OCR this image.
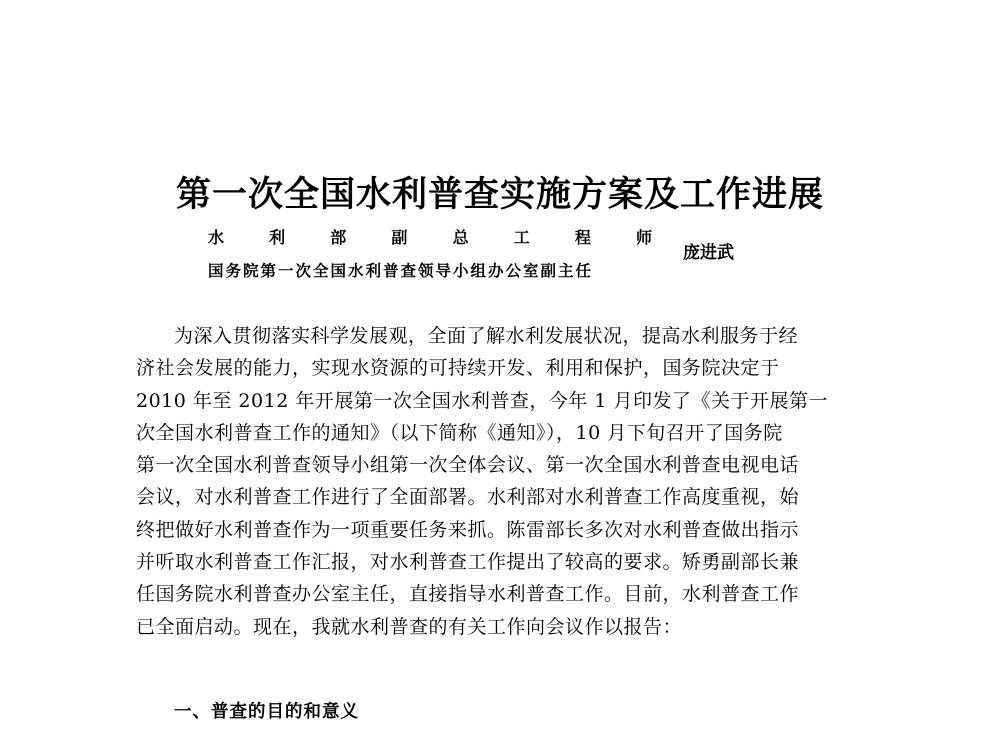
第一次全国水利普查实施方案及工作进展
水	利	部	副	总	工	程	师
国务院第一次全国水利普查领导小组办公室副主任
庞进武
为深入贯彻落实科学发展观，全面了解水利发展状况，提高水利服务于经
济社会发展的能力，实现水资源的可持续开发、利用和保护，国务院决定于
2010 年至 2012 年开展第一次全国水利普查，今年 1 月印发了《关于开展第一
次全国水利普查工作的通知》（以下简称《通知》），10 月下旬召开了国务院
第一次全国水利普查领导小组第一次全体会议、第一次全国水利普查电视电话
会议，对水利普查工作进行了全面部署。水利部对水利普查工作高度重视，始
终把做好水利普查作为一项重要任务来抓。陈雷部长多次对水利普查做出指示
并听取水利普查工作汇报，对水利普查工作提出了较高的要求。矫勇副部长兼
任国务院水利普查办公室主任，直接指导水利普查工作。目前，水利普查工作
已全面启动。现在，我就水利普查的有关工作向会议作以报告：
一、普查的目的和意义
